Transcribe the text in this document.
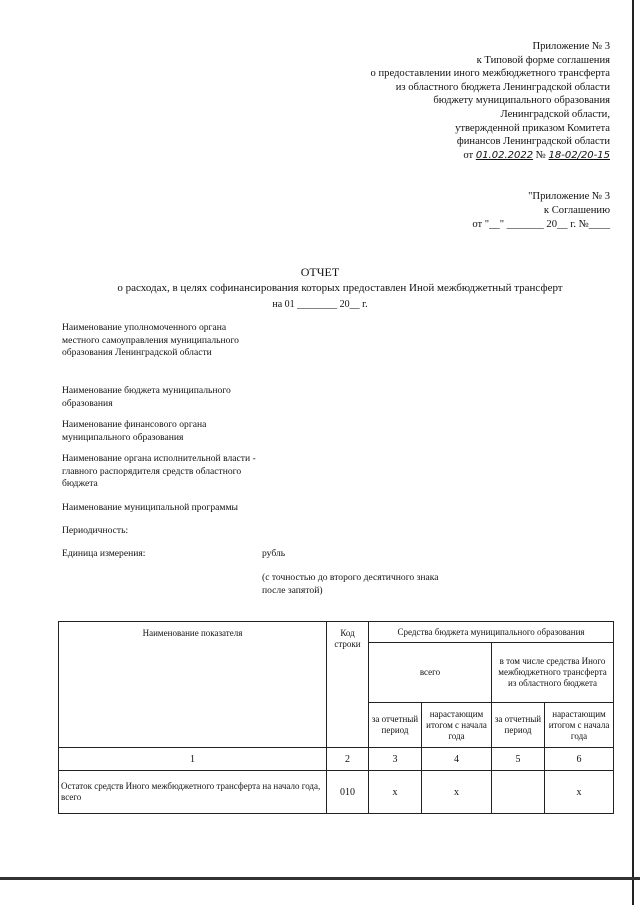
Приложение № 3
к Типовой форме соглашения
о предоставлении иного межбюджетного трансферта
из областного бюджета Ленинградской области
бюджету муниципального образования
Ленинградской области,
утвержденной приказом Комитета
финансов Ленинградской области
от 01.02.2022 № 18-02/20-15
"Приложение № 3
к Соглашению
от "__" _______ 20__ г. №____
ОТЧЕТ
о расходах, в целях софинансирования которых предоставлен Иной межбюджетный трансферт
на 01 ________ 20__ г.
Наименование уполномоченного органа местного самоуправления муниципального образования Ленинградской области
Наименование бюджета муниципального образования
Наименование финансового органа муниципального образования
Наименование органа исполнительной власти - главного распорядителя средств областного бюджета
Наименование муниципальной программы
Периодичность:
Единица измерения:	рубль
(с точностью до второго десятичного знака после запятой)
Наименование показателя	Код строки	Средства бюджета муниципального образования			
		всего		в том числе средства Иного межбюджетного трансферта из областного бюджета	
		за отчетный период	нарастающим итогом с начала года	за отчетный период	нарастающим итогом с начала года
1	2	3	4	5	6
Остаток средств Иного межбюджетного трансферта на начало года, всего	010	х	х		х
